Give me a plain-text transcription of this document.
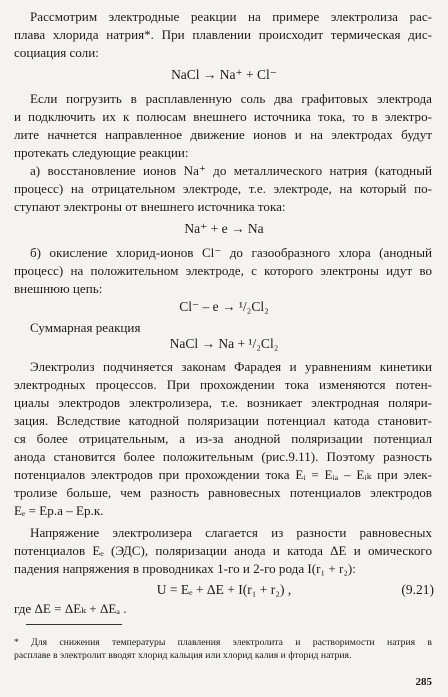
Рассмотрим электродные реакции на примере электролиза рас-
плава хлорида натрия*. При плавлении происходит термическая дис-
социация соли:
NaCl → Na⁺ + Cl⁻
Если погрузить в расплавленную соль два графитовых электрода
и подключить их к полюсам внешнего источника тока, то в электро-
лите начнется направленное движение ионов и на электродах будут
протекать следующие реакции:
а) восстановление ионов Na⁺ до металлического натрия (катодный
процесс) на отрицательном электроде, т.е. электроде, на который по-
ступают электроны от внешнего источника тока:
Na⁺ + e → Na
б) окисление хлорид-ионов Cl⁻ до газообразного хлора (анодный
процесс) на положительном электроде, с которого электроны идут во
внешнюю цепь:
Cl⁻ – e → ¹/₂Cl₂
Суммарная реакция
NaCl → Na + ¹/₂Cl₂
Электролиз подчиняется законам Фарадея и уравнениям кинетики
электродных процессов. При прохождении тока изменяются потен-
циалы электродов электролизера, т.е. возникает электродная поляри-
зация. Вследствие катодной поляризации потенциал катода становит-
ся более отрицательным, а из-за анодной поляризации потенциал
анода становится более положительным (рис.9.11). Поэтому разность
потенциалов электродов при прохождении тока Eᵢ = Eᵢₐ – Eᵢₖ при элек-
тролизе больше, чем разность равновесных потенциалов электродов
Eₑ = Eр.а – Eр.к.
Напряжение электролизера слагается из разности равновесных
потенциалов Eₑ (ЭДС), поляризации анода и катода ΔE и омического
падения напряжения в проводниках 1-го и 2-го рода I(r₁ + r₂):
U = Eₑ + ΔE + I(r₁ + r₂) ,	(9.21)
где ΔE = ΔEₖ + ΔEₐ .
* Для снижения температуры плавления электролита и растворимости натрия в
расплаве в электролит вводят хлорид кальция или хлорид калия и фторид натрия.
285
